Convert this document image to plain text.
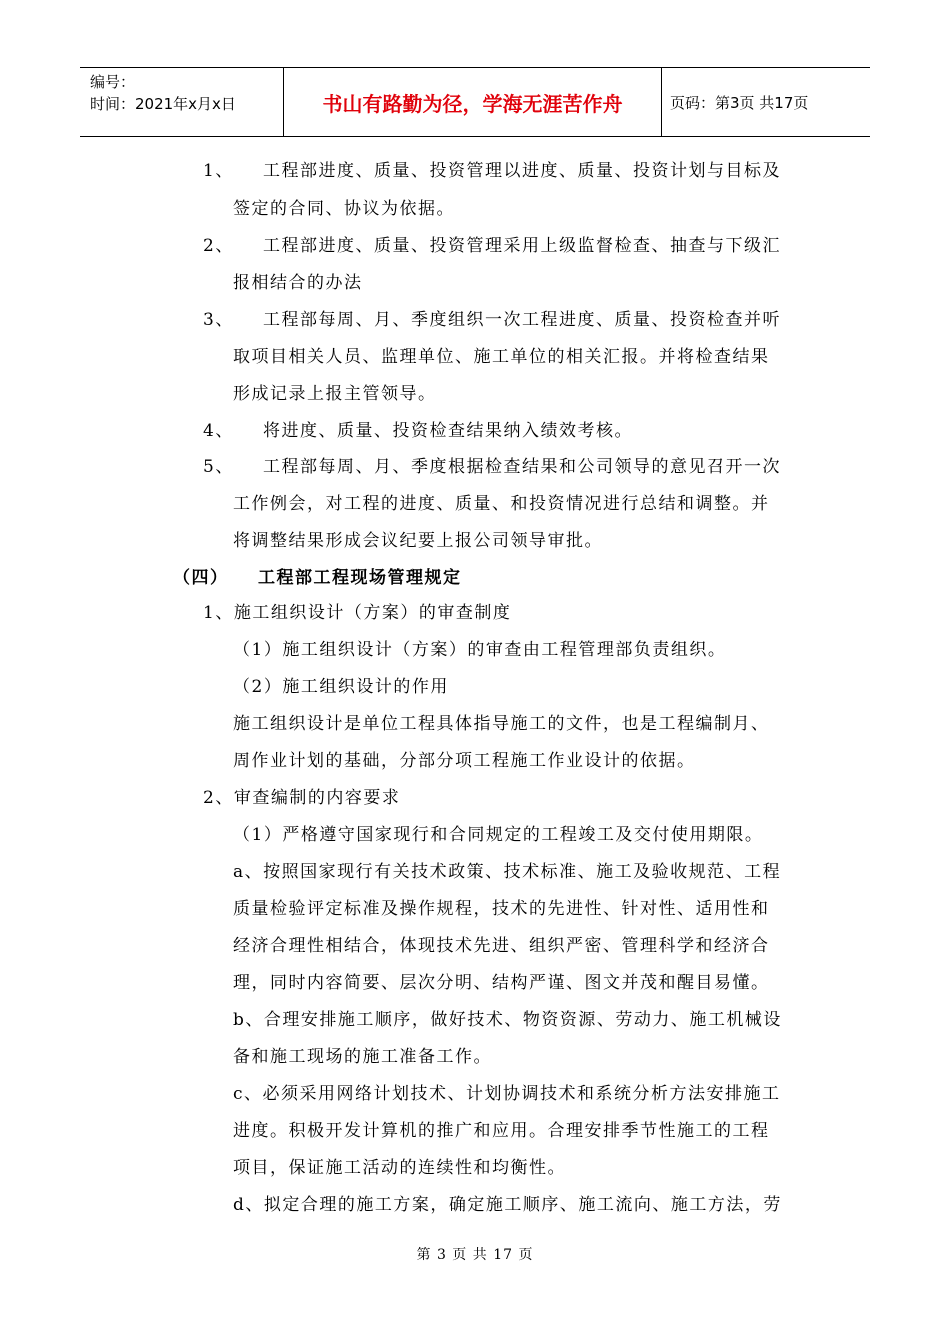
编号：
时间：2021年x月x日	书山有路勤为径，学海无涯苦作舟	页码：第3页 共17页
1、 工程部进度、质量、投资管理以进度、质量、投资计划与目标及
签定的合同、协议为依据。
2、 工程部进度、质量、投资管理采用上级监督检查、抽查与下级汇
报相结合的办法
3、 工程部每周、月、季度组织一次工程进度、质量、投资检查并听
取项目相关人员、监理单位、施工单位的相关汇报。并将检查结果
形成记录上报主管领导。
4、 将进度、质量、投资检查结果纳入绩效考核。
5、 工程部每周、月、季度根据检查结果和公司领导的意见召开一次
工作例会，对工程的进度、质量、和投资情况进行总结和调整。并
将调整结果形成会议纪要上报公司领导审批。
（四） 工程部工程现场管理规定
1、施工组织设计（方案）的审查制度
（1）施工组织设计（方案）的审查由工程管理部负责组织。
（2）施工组织设计的作用
施工组织设计是单位工程具体指导施工的文件，也是工程编制月、
周作业计划的基础，分部分项工程施工作业设计的依据。
2、审查编制的内容要求
（1）严格遵守国家现行和合同规定的工程竣工及交付使用期限。
a、按照国家现行有关技术政策、技术标准、施工及验收规范、工程
质量检验评定标准及操作规程，技术的先进性、针对性、适用性和
经济合理性相结合，体现技术先进、组织严密、管理科学和经济合
理，同时内容简要、层次分明、结构严谨、图文并茂和醒目易懂。
b、合理安排施工顺序，做好技术、物资资源、劳动力、施工机械设
备和施工现场的施工准备工作。
c、必须采用网络计划技术、计划协调技术和系统分析方法安排施工
进度。积极开发计算机的推广和应用。合理安排季节性施工的工程
项目，保证施工活动的连续性和均衡性。
d、拟定合理的施工方案，确定施工顺序、施工流向、施工方法，劳
第 3 页 共 17 页
